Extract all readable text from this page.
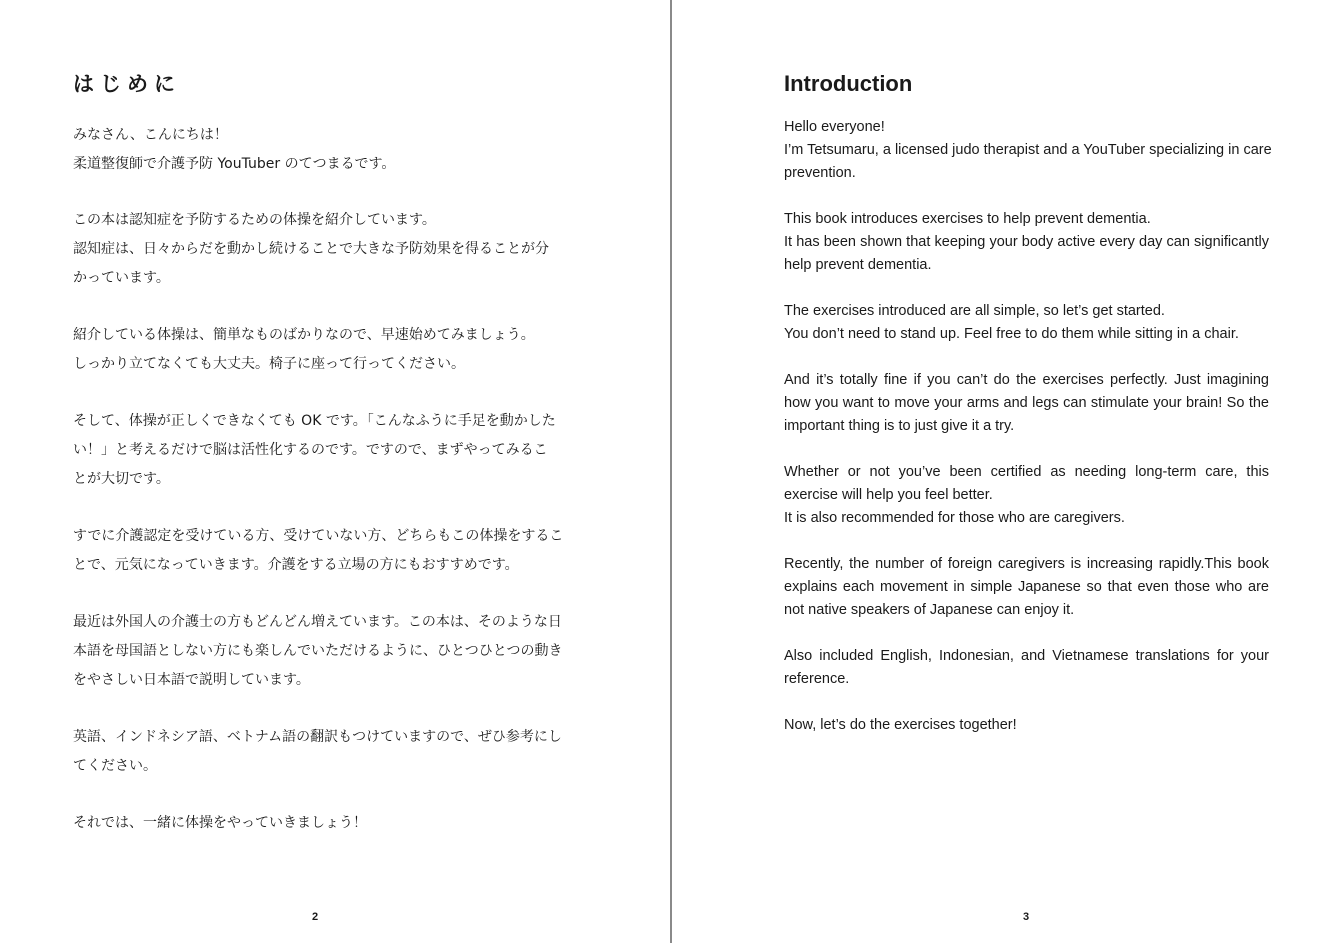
はじめに
みなさん、こんにちは！
柔道整復師で介護予防 YouTuber のてつまるです。
この本は認知症を予防するための体操を紹介しています。
認知症は、日々からだを動かし続けることで大きな予防効果を得ることが分
かっています。
紹介している体操は、簡単なものばかりなので、早速始めてみましょう。
しっかり立てなくても大丈夫。椅子に座って行ってください。
そして、体操が正しくできなくても OK です。「こんなふうに手足を動かした
い！」と考えるだけで脳は活性化するのです。ですので、まずやってみるこ
とが大切です。
すでに介護認定を受けている方、受けていない方、どちらもこの体操をするこ
とで、元気になっていきます。介護をする立場の方にもおすすめです。
最近は外国人の介護士の方もどんどん増えています。この本は、そのような日
本語を母国語としない方にも楽しんでいただけるように、ひとつひとつの動き
をやさしい日本語で説明しています。
英語、インドネシア語、ベトナム語の翻訳もつけていますので、ぜひ参考にし
てください。
それでは、一緒に体操をやっていきましょう！
2
Introduction
Hello everyone!
I’m Tetsumaru, a licensed judo therapist and a YouTuber specializing in care
prevention.
This book introduces exercises to help prevent dementia.
It has been shown that keeping your body active every day can significantly
help prevent dementia.
The exercises introduced are all simple, so let’s get started.
You don’t need to stand up. Feel free to do them while sitting in a chair.
And it’s totally fine if you can’t do the exercises perfectly. Just imagining
how you want to move your arms and legs can stimulate your brain! So the
important thing is to just give it a try.
Whether or not you’ve been certified as needing long-term care, this
exercise will help you feel better.
It is also recommended for those who are caregivers.
Recently, the number of foreign caregivers is increasing rapidly.This book
explains each movement in simple Japanese so that even those who are
not native speakers of Japanese can enjoy it.
Also included English, Indonesian, and Vietnamese translations for your
reference.
Now, let’s do the exercises together!
3
